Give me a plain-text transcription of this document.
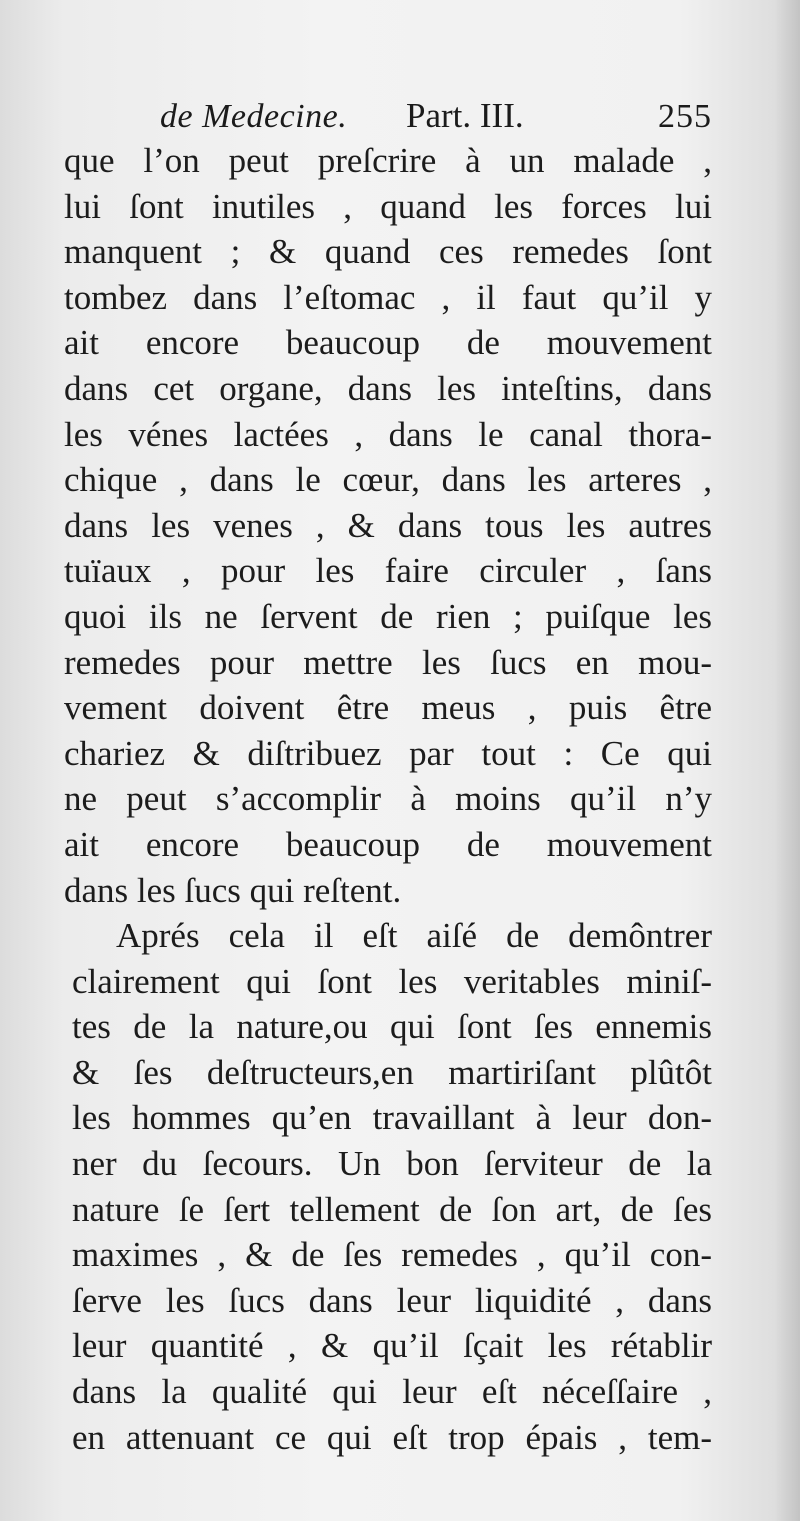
de Medecine. Part. III.	255
que l’on peut preſcrire à un malade ,
lui ſont inutiles , quand les forces lui
manquent ; & quand ces remedes ſont
tombez dans l’eſtomac , il faut qu’il y
ait encore beaucoup de mouvement
dans cet organe, dans les inteſtins, dans
les vénes lactées , dans le canal thora-
chique , dans le cœur, dans les arteres ,
dans les venes , & dans tous les autres
tuïaux , pour les faire circuler , ſans
quoi ils ne ſervent de rien ; puiſque les
remedes pour mettre les ſucs en mou-
vement doivent être meus , puis être
chariez & diſtribuez par tout : Ce qui
ne peut s’accomplir à moins qu’il n’y
ait encore beaucoup de mouvement
dans les ſucs qui reſtent.
Aprés cela il eſt aiſé de demôntrer
clairement qui ſont les veritables miniſ-
tes de la nature,ou qui ſont ſes ennemis
& ſes deſtructeurs,en martiriſant plûtôt
les hommes qu’en travaillant à leur don-
ner du ſecours. Un bon ſerviteur de la
nature ſe ſert tellement de ſon art, de ſes
maximes , & de ſes remedes , qu’il con-
ſerve les ſucs dans leur liquidité , dans
leur quantité , & qu’il ſçait les rétablir
dans la qualité qui leur eſt néceſſaire ,
en attenuant ce qui eſt trop épais , tem-
